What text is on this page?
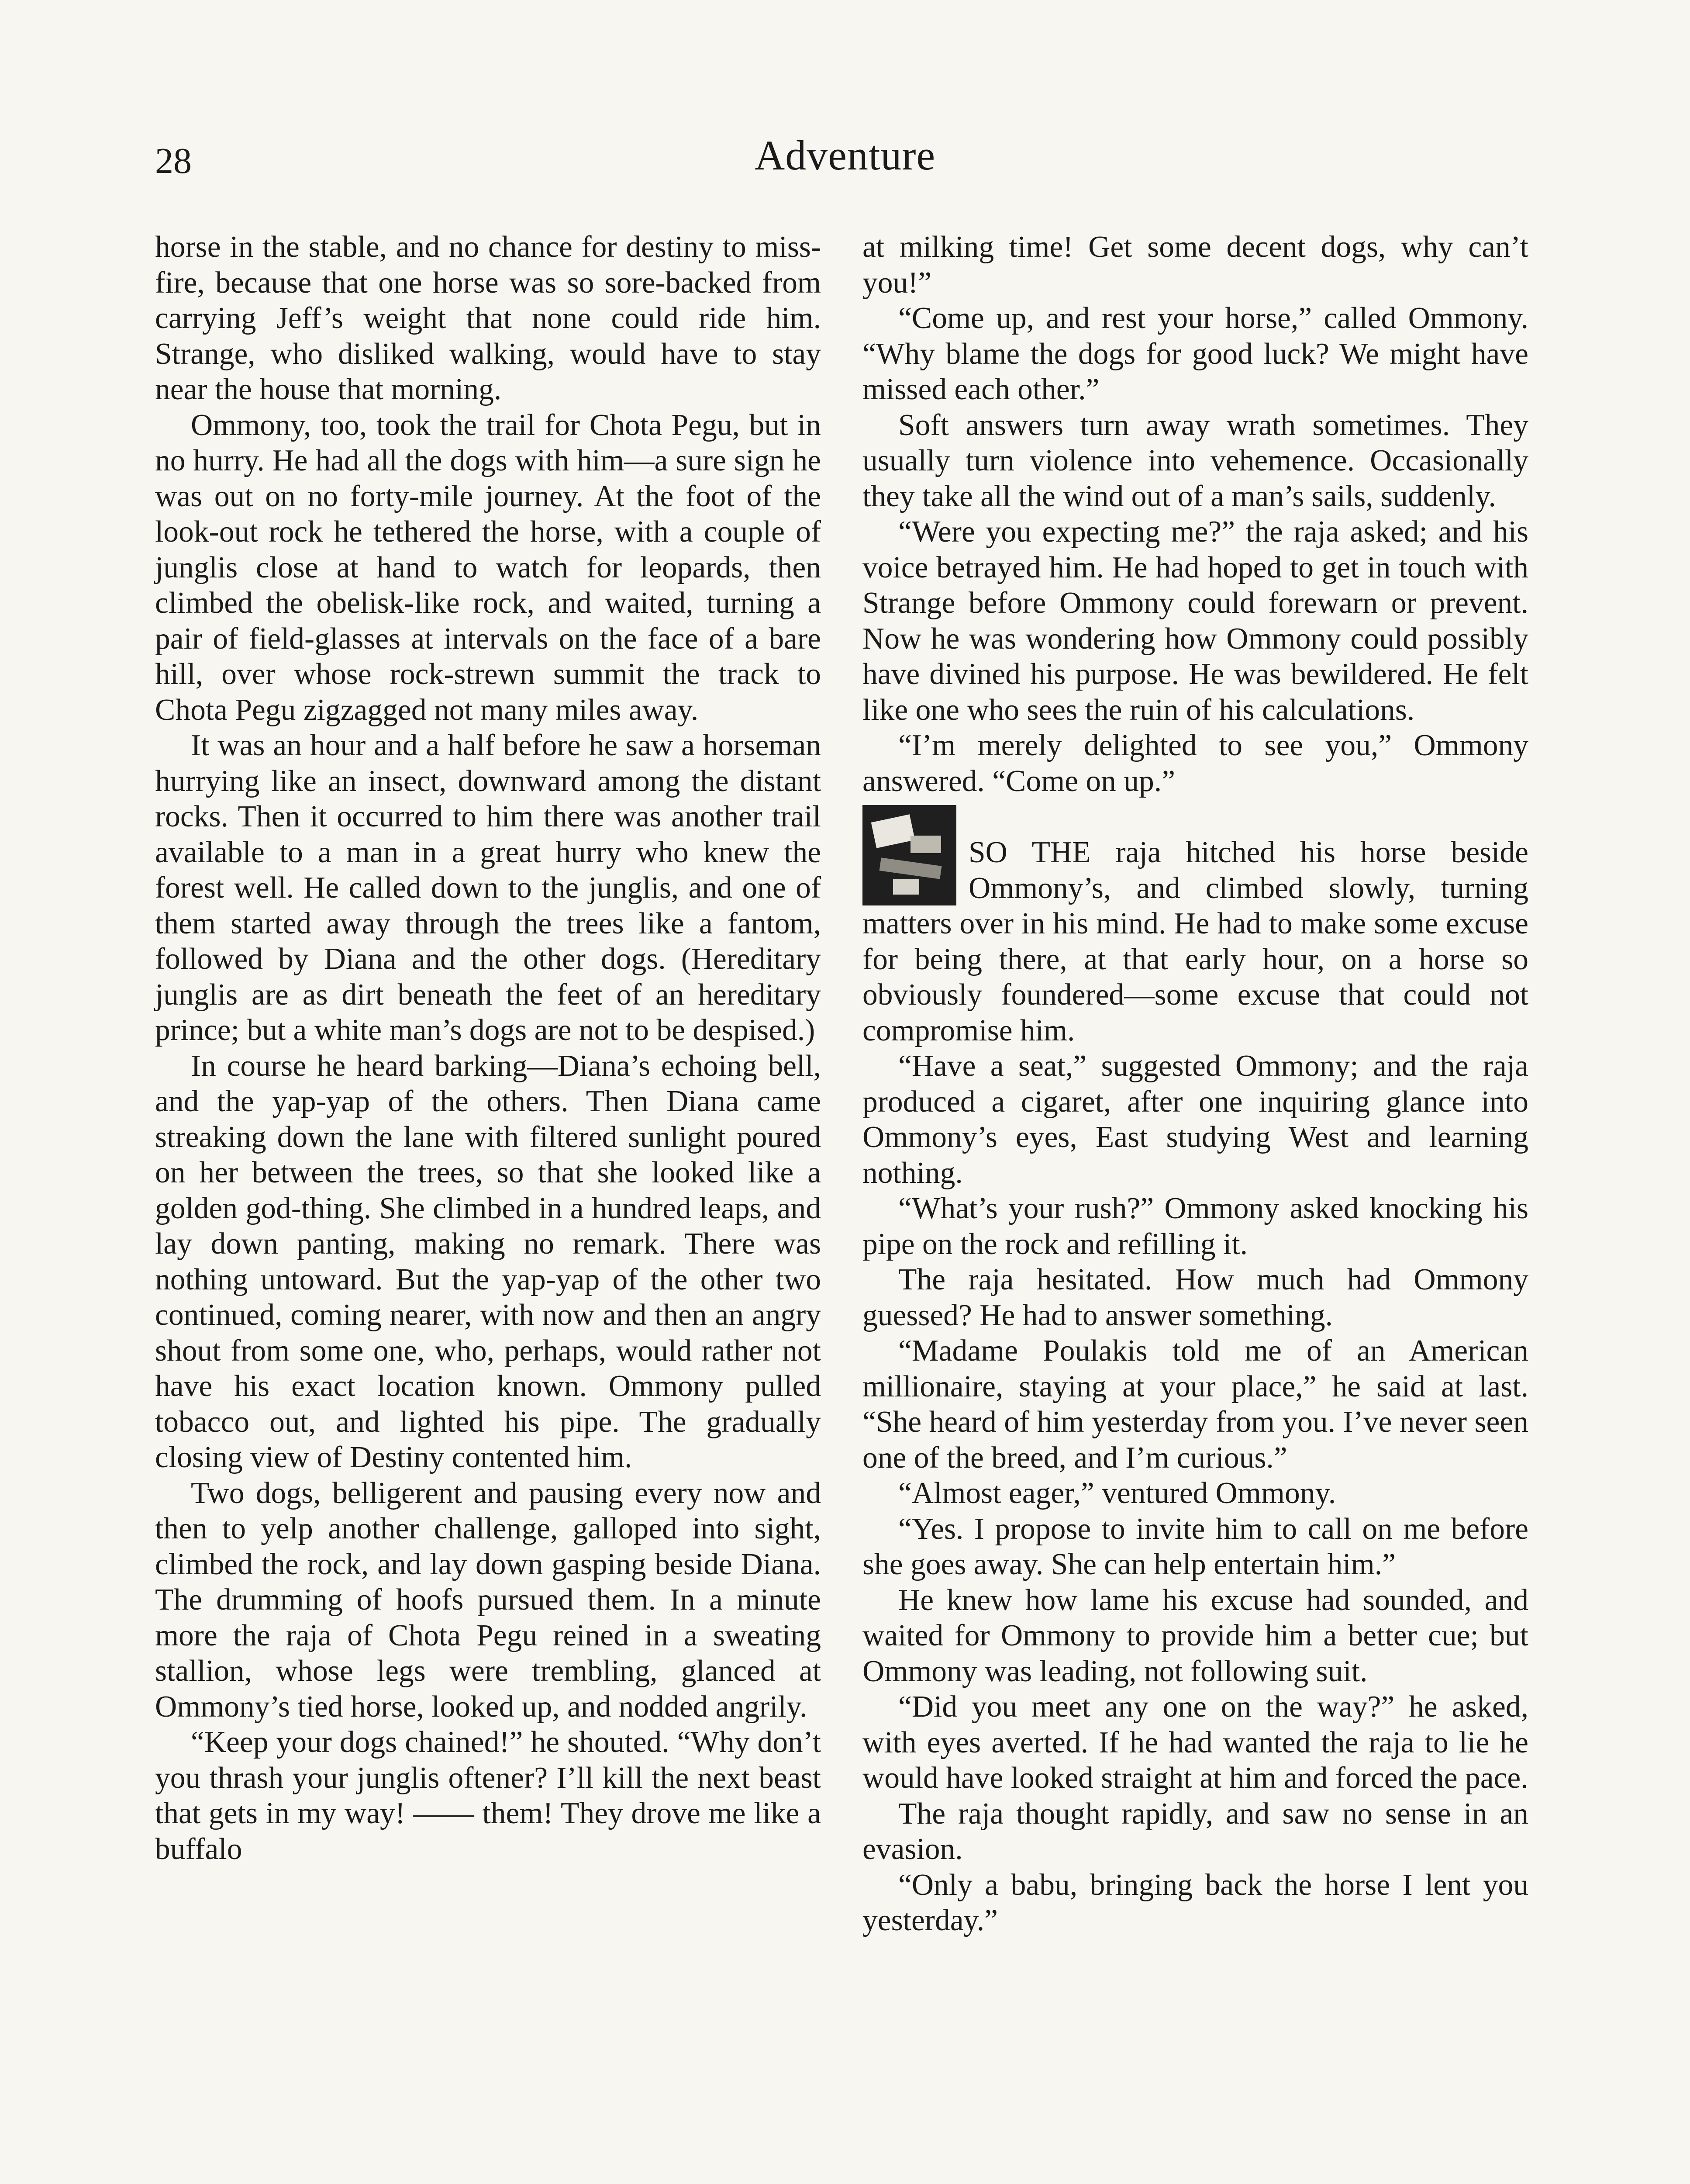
28	Adventure

horse in the stable, and no chance for destiny to miss-fire, because that one horse was so sore-backed from carrying Jeff’s weight that none could ride him. Strange, who disliked walking, would have to stay near the house that morning.

Ommony, too, took the trail for Chota Pegu, but in no hurry. He had all the dogs with him—a sure sign he was out on no forty-mile journey. At the foot of the look-out rock he tethered the horse, with a couple of junglis close at hand to watch for leopards, then climbed the obelisk-like rock, and waited, turning a pair of field-glasses at intervals on the face of a bare hill, over whose rock-strewn summit the track to Chota Pegu zigzagged not many miles away.

It was an hour and a half before he saw a horseman hurrying like an insect, downward among the distant rocks. Then it occurred to him there was another trail available to a man in a great hurry who knew the forest well. He called down to the junglis, and one of them started away through the trees like a fantom, followed by Diana and the other dogs. (Hereditary junglis are as dirt beneath the feet of an hereditary prince; but a white man’s dogs are not to be despised.)

In course he heard barking—Diana’s echoing bell, and the yap-yap of the others. Then Diana came streaking down the lane with filtered sunlight poured on her between the trees, so that she looked like a golden god-thing. She climbed in a hundred leaps, and lay down panting, making no remark. There was nothing untoward. But the yap-yap of the other two continued, coming nearer, with now and then an angry shout from some one, who, perhaps, would rather not have his exact location known. Ommony pulled tobacco out, and lighted his pipe. The gradually closing view of Destiny contented him.

Two dogs, belligerent and pausing every now and then to yelp another challenge, galloped into sight, climbed the rock, and lay down gasping beside Diana. The drumming of hoofs pursued them. In a minute more the raja of Chota Pegu reined in a sweating stallion, whose legs were trembling, glanced at Ommony’s tied horse, looked up, and nodded angrily.

“Keep your dogs chained!” he shouted. “Why don’t you thrash your junglis oftener? I’ll kill the next beast that gets in my way! —— them! They drove me like a buffalo

at milking time! Get some decent dogs, why can’t you!”

“Come up, and rest your horse,” called Ommony. “Why blame the dogs for good luck? We might have missed each other.”

Soft answers turn away wrath sometimes. They usually turn violence into vehemence. Occasionally they take all the wind out of a man’s sails, suddenly.

“Were you expecting me?” the raja asked; and his voice betrayed him. He had hoped to get in touch with Strange before Ommony could forewarn or prevent. Now he was wondering how Ommony could possibly have divined his purpose. He was bewildered. He felt like one who sees the ruin of his calculations.

“I’m merely delighted to see you,” Ommony answered. “Come on up.”

SO THE raja hitched his horse beside Ommony’s, and climbed slowly, turning matters over in his mind. He had to make some excuse for being there, at that early hour, on a horse so obviously foundered—some excuse that could not compromise him.

“Have a seat,” suggested Ommony; and the raja produced a cigaret, after one inquiring glance into Ommony’s eyes, East studying West and learning nothing.

“What’s your rush?” Ommony asked knocking his pipe on the rock and refilling it.

The raja hesitated. How much had Ommony guessed? He had to answer something.

“Madame Poulakis told me of an American millionaire, staying at your place,” he said at last. “She heard of him yesterday from you. I’ve never seen one of the breed, and I’m curious.”

“Almost eager,” ventured Ommony.

“Yes. I propose to invite him to call on me before she goes away. She can help entertain him.”

He knew how lame his excuse had sounded, and waited for Ommony to provide him a better cue; but Ommony was leading, not following suit.

“Did you meet any one on the way?” he asked, with eyes averted. If he had wanted the raja to lie he would have looked straight at him and forced the pace.

The raja thought rapidly, and saw no sense in an evasion.

“Only a babu, bringing back the horse I lent you yesterday.”
